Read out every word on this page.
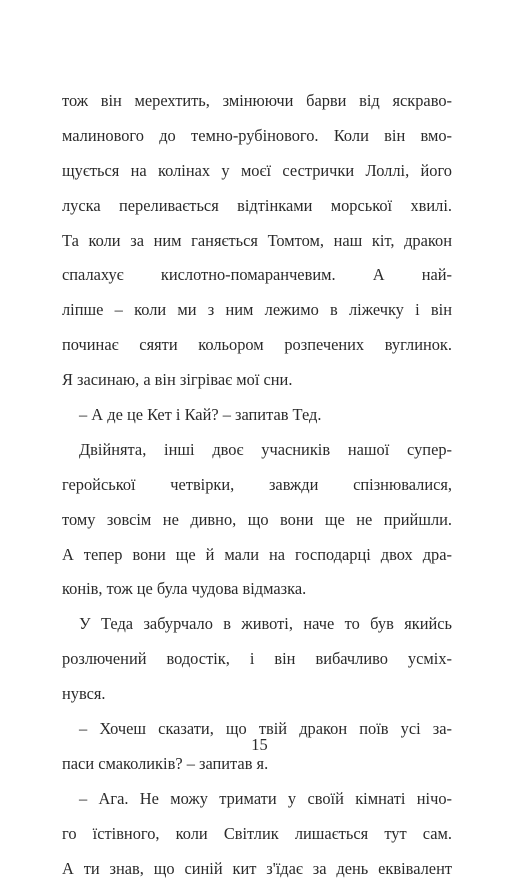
тож він мерехтить, змінюючи барви від яскраво-
малинового до темно-рубінового. Коли він вмо-
щується на колінах у моєї сестрички Лоллі, його
луска переливається відтінками морської хвилі.
Та коли за ним ганяється Томтом, наш кіт, дракон
спалахує кислотно-помаранчевим. А най-
ліпше – коли ми з ним лежимо в ліжечку і він
починає сяяти кольором розпечених вуглинок.
Я засинаю, а він зігріває мої сни.
– А де це Кет і Кай? – запитав Тед.
Двійнята, інші двоє учасників нашої супер-
геройської четвірки, завжди спізнювалися,
тому зовсім не дивно, що вони ще не прийшли.
А тепер вони ще й мали на господарці двох дра-
конів, тож це була чудова відмазка.
У Теда забурчало в животі, наче то був якийсь
розлючений водостік, і він вибачливо усміх-
нувся.
– Хочеш сказати, що твій дракон поїв усі за-
паси смаколиків? – запитав я.
– Ага. Не можу тримати у своїй кімнаті нічо-
го їстівного, коли Світлик лишається тут сам.
А ти знав, що синій кит з'їдає за день еквівалент
15
